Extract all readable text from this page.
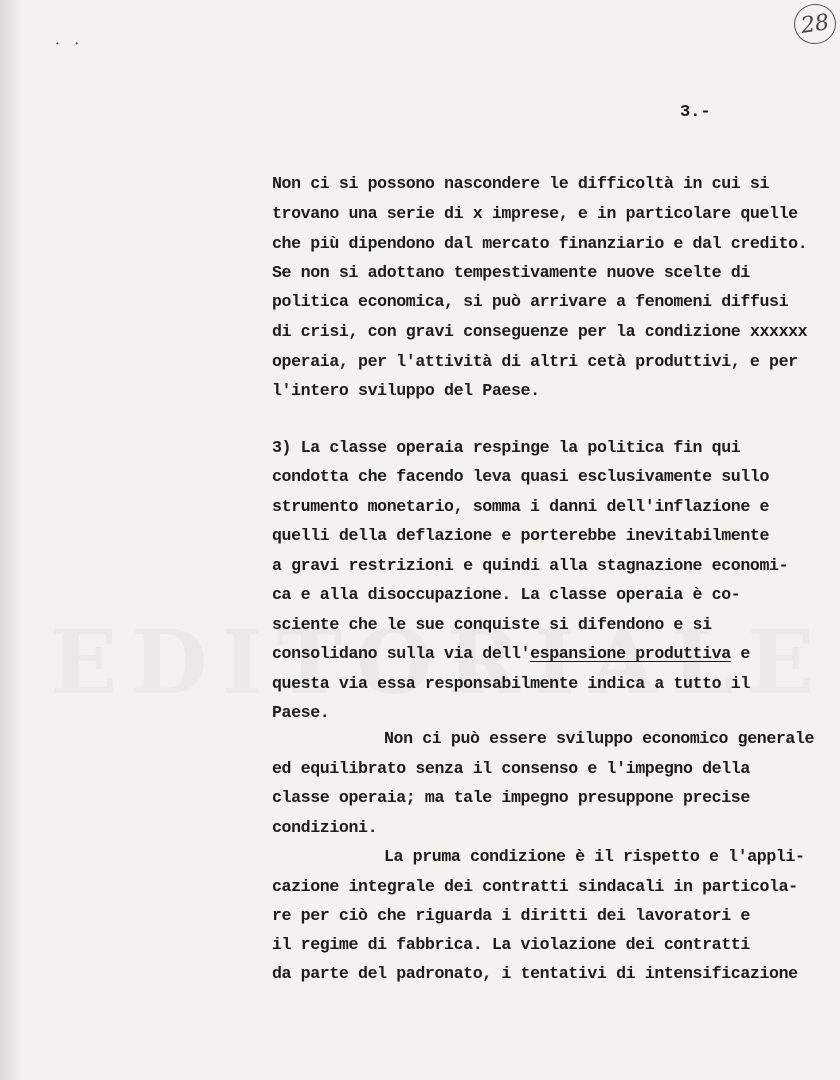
•   •
28
3.-
Non ci si possono nascondere le difficoltà in cui si
trovano una serie di x imprese, e in particolare quelle
che più dipendono dal mercato finanziario e dal credito.
Se non si adottano tempestivamente nuove scelte di
politica economica, si può arrivare a fenomeni diffusi
di crisi, con gravi conseguenze per la condizione xxxxxx
operaia, per l'attività di altri cetà produttivi, e per
l'intero sviluppo del Paese.
3) La classe operaia respinge la politica fin qui
condotta che facendo leva quasi esclusivamente sullo
strumento monetario, somma i danni dell'inflazione e
quelli della deflazione e porterebbe inevitabilmente
a gravi restrizioni e quindi alla stagnazione economi-
ca e alla disoccupazione. La classe operaia è co-
sciente che le sue conquiste si difendono e si
consolidano sulla via dell'espansione produttiva e
questa via essa responsabilmente indica a tutto il
Paese.
Non ci può essere sviluppo economico generale
ed equilibrato senza il consenso e l'impegno della
classe operaia; ma tale impegno presuppone precise
condizioni.
La pruma condizione è il rispetto e l'appli-
cazione integrale dei contratti sindacali in particola-
re per ciò che riguarda i diritti dei lavoratori e
il regime di fabbrica. La violazione dei contratti
da parte del padronato, i tentativi di intensificazione
